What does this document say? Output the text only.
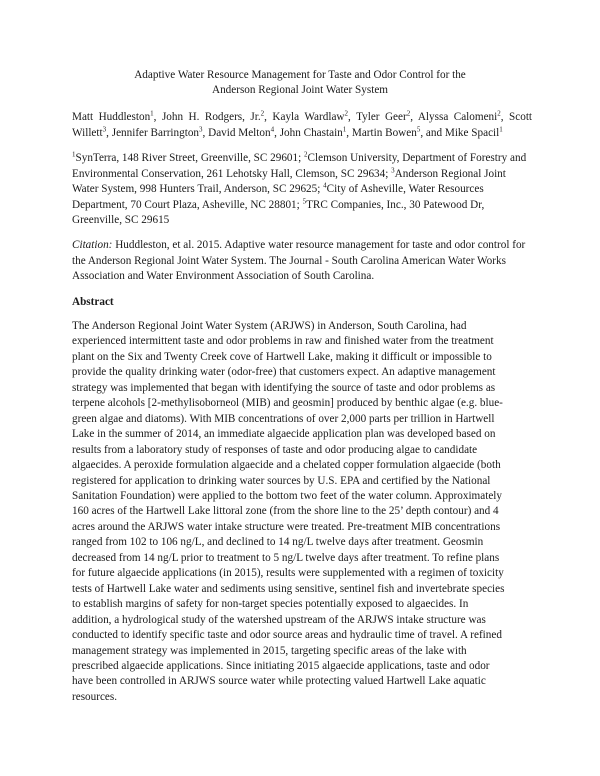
Adaptive Water Resource Management for Taste and Odor Control for the
Anderson Regional Joint Water System
Matt Huddleston$^1$, John H. Rodgers, Jr.$^2$, Kayla Wardlaw$^2$, Tyler Geer$^2$, Alyssa Calomeni$^2$, Scott Willett$^3$, Jennifer Barrington$^3$, David Melton$^4$, John Chastain$^1$, Martin Bowen$^5$, and Mike Spacil$^1$
$^1$SynTerra, 148 River Street, Greenville, SC 29601; $^2$Clemson University, Department of Forestry and Environmental Conservation, 261 Lehotsky Hall, Clemson, SC 29634; $^3$Anderson Regional Joint Water System, 998 Hunters Trail, Anderson, SC 29625; $^4$City of Asheville, Water Resources Department, 70 Court Plaza, Asheville, NC 28801; $^5$TRC Companies, Inc., 30 Patewood Dr, Greenville, SC 29615
Citation: Huddleston, et al. 2015. Adaptive water resource management for taste and odor control for the Anderson Regional Joint Water System. The Journal - South Carolina American Water Works Association and Water Environment Association of South Carolina.
Abstract
The Anderson Regional Joint Water System (ARJWS) in Anderson, South Carolina, had
experienced intermittent taste and odor problems in raw and finished water from the treatment
plant on the Six and Twenty Creek cove of Hartwell Lake, making it difficult or impossible to
provide the quality drinking water (odor-free) that customers expect. An adaptive management
strategy was implemented that began with identifying the source of taste and odor problems as
terpene alcohols [2-methylisoborneol (MIB) and geosmin] produced by benthic algae (e.g. blue-
green algae and diatoms). With MIB concentrations of over 2,000 parts per trillion in Hartwell
Lake in the summer of 2014, an immediate algaecide application plan was developed based on
results from a laboratory study of responses of taste and odor producing algae to candidate
algaecides. A peroxide formulation algaecide and a chelated copper formulation algaecide (both
registered for application to drinking water sources by U.S. EPA and certified by the National
Sanitation Foundation) were applied to the bottom two feet of the water column. Approximately
160 acres of the Hartwell Lake littoral zone (from the shore line to the 25’ depth contour) and 4
acres around the ARJWS water intake structure were treated. Pre-treatment MIB concentrations
ranged from 102 to 106 ng/L, and declined to 14 ng/L twelve days after treatment. Geosmin
decreased from 14 ng/L prior to treatment to 5 ng/L twelve days after treatment. To refine plans
for future algaecide applications (in 2015), results were supplemented with a regimen of toxicity
tests of Hartwell Lake water and sediments using sensitive, sentinel fish and invertebrate species
to establish margins of safety for non-target species potentially exposed to algaecides. In
addition, a hydrological study of the watershed upstream of the ARJWS intake structure was
conducted to identify specific taste and odor source areas and hydraulic time of travel. A refined
management strategy was implemented in 2015, targeting specific areas of the lake with
prescribed algaecide applications. Since initiating 2015 algaecide applications, taste and odor
have been controlled in ARJWS source water while protecting valued Hartwell Lake aquatic
resources.
